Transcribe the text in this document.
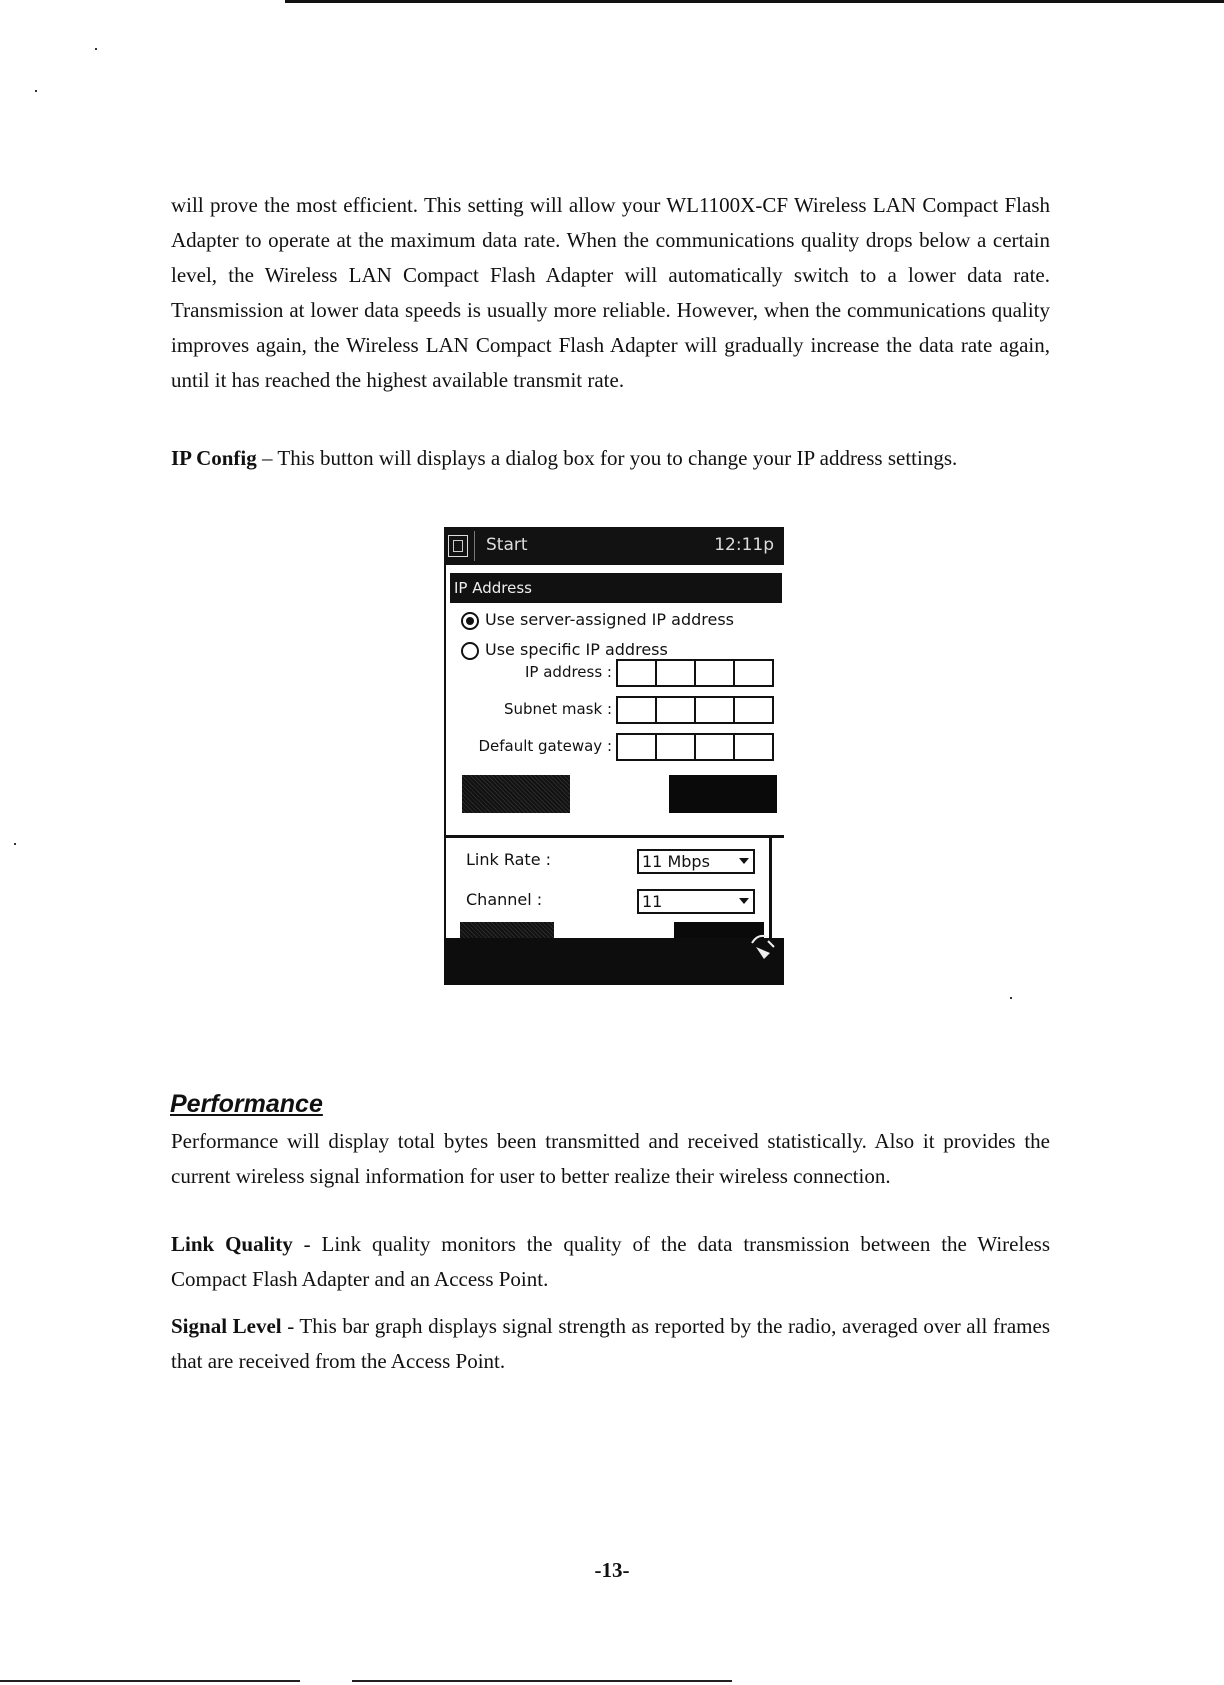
will prove the most efficient. This setting will allow your WL1100X-CF Wireless LAN Compact Flash Adapter to operate at the maximum data rate. When the communications quality drops below a certain level, the Wireless LAN Compact Flash Adapter will automatically switch to a lower data rate. Transmission at lower data speeds is usually more reliable. However, when the communications quality improves again, the Wireless LAN Compact Flash Adapter will gradually increase the data rate again, until it has reached the highest available transmit rate.

IP Config – This button will displays a dialog box for you to change your IP address settings.

Start	12:11p
IP Address
Use server-assigned IP address
Use specific IP address
IP address :
Subnet mask :
Default gateway :
Link Rate :	11 Mbps
Channel :	11
Performance

Performance will display total bytes been transmitted and received statistically. Also it provides the current wireless signal information for user to better realize their wireless connection.

Link Quality - Link quality monitors the quality of the data transmission between the Wireless Compact Flash Adapter and an Access Point.

Signal Level - This bar graph displays signal strength as reported by the radio, averaged over all frames that are received from the Access Point.

-13-
